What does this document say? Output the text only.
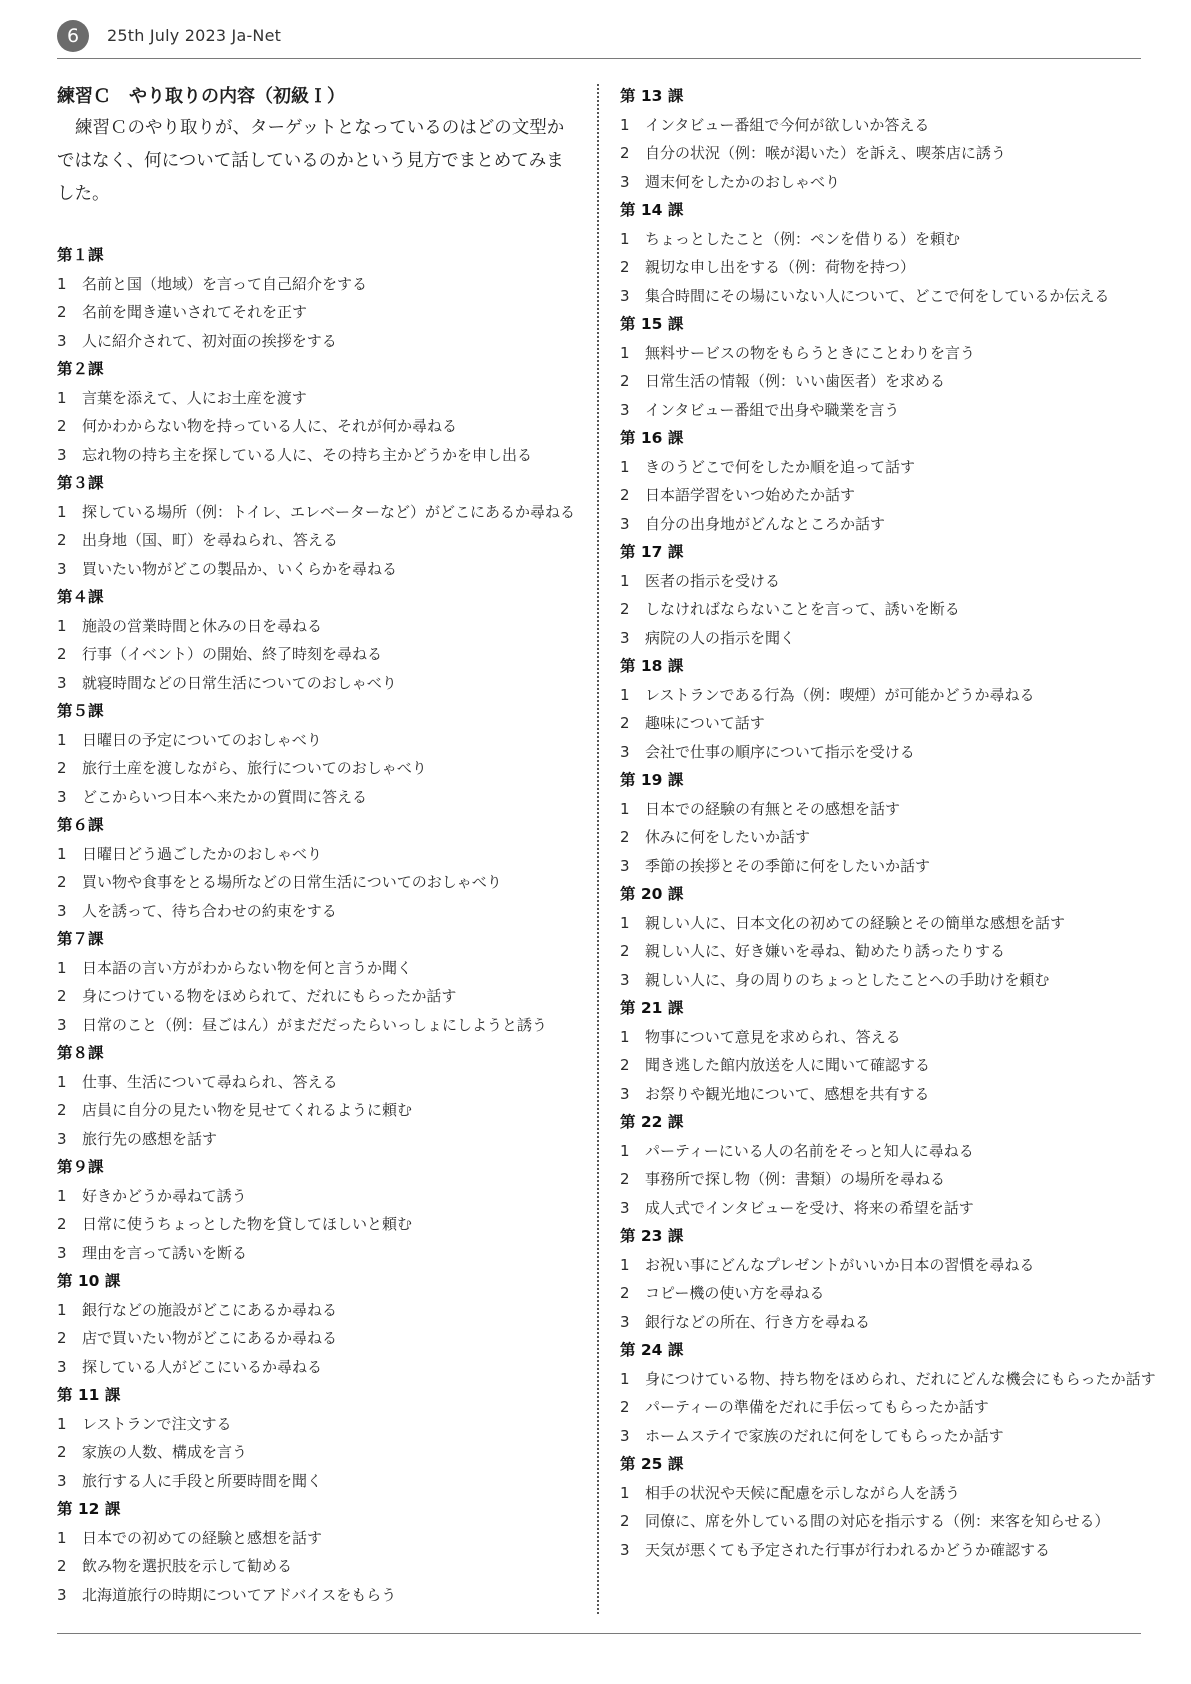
6	25th July 2023 Ja-Net
練習Ｃ　やり取りの内容（初級Ｉ）

練習Ｃのやり取りが、ターゲットとなっているのはどの文型かではなく、何について話しているのかという見方でまとめてみました。

第１課
1 名前と国（地域）を言って自己紹介をする
2 名前を聞き違いされてそれを正す
3 人に紹介されて、初対面の挨拶をする
第２課
1 言葉を添えて、人にお土産を渡す
2 何かわからない物を持っている人に、それが何か尋ねる
3 忘れ物の持ち主を探している人に、その持ち主かどうかを申し出る
第３課
1 探している場所（例：トイレ、エレベーターなど）がどこにあるか尋ねる
2 出身地（国、町）を尋ねられ、答える
3 買いたい物がどこの製品か、いくらかを尋ねる
第４課
1 施設の営業時間と休みの日を尋ねる
2 行事（イベント）の開始、終了時刻を尋ねる
3 就寝時間などの日常生活についてのおしゃべり
第５課
1 日曜日の予定についてのおしゃべり
2 旅行土産を渡しながら、旅行についてのおしゃべり
3 どこからいつ日本へ来たかの質問に答える
第６課
1 日曜日どう過ごしたかのおしゃべり
2 買い物や食事をとる場所などの日常生活についてのおしゃべり
3 人を誘って、待ち合わせの約束をする
第７課
1 日本語の言い方がわからない物を何と言うか聞く
2 身につけている物をほめられて、だれにもらったか話す
3 日常のこと（例：昼ごはん）がまだだったらいっしょにしようと誘う
第８課
1 仕事、生活について尋ねられ、答える
2 店員に自分の見たい物を見せてくれるように頼む
3 旅行先の感想を話す
第９課
1 好きかどうか尋ねて誘う
2 日常に使うちょっとした物を貸してほしいと頼む
3 理由を言って誘いを断る
第 10 課
1 銀行などの施設がどこにあるか尋ねる
2 店で買いたい物がどこにあるか尋ねる
3 探している人がどこにいるか尋ねる
第 11 課
1 レストランで注文する
2 家族の人数、構成を言う
3 旅行する人に手段と所要時間を聞く
第 12 課
1 日本での初めての経験と感想を話す
2 飲み物を選択肢を示して勧める
3 北海道旅行の時期についてアドバイスをもらう
第 13 課
1 インタビュー番組で今何が欲しいか答える
2 自分の状況（例：喉が渇いた）を訴え、喫茶店に誘う
3 週末何をしたかのおしゃべり
第 14 課
1 ちょっとしたこと（例：ペンを借りる）を頼む
2 親切な申し出をする（例：荷物を持つ）
3 集合時間にその場にいない人について、どこで何をしているか伝える
第 15 課
1 無料サービスの物をもらうときにことわりを言う
2 日常生活の情報（例：いい歯医者）を求める
3 インタビュー番組で出身や職業を言う
第 16 課
1 きのうどこで何をしたか順を追って話す
2 日本語学習をいつ始めたか話す
3 自分の出身地がどんなところか話す
第 17 課
1 医者の指示を受ける
2 しなければならないことを言って、誘いを断る
3 病院の人の指示を聞く
第 18 課
1 レストランである行為（例：喫煙）が可能かどうか尋ねる
2 趣味について話す
3 会社で仕事の順序について指示を受ける
第 19 課
1 日本での経験の有無とその感想を話す
2 休みに何をしたいか話す
3 季節の挨拶とその季節に何をしたいか話す
第 20 課
1 親しい人に、日本文化の初めての経験とその簡単な感想を話す
2 親しい人に、好き嫌いを尋ね、勧めたり誘ったりする
3 親しい人に、身の周りのちょっとしたことへの手助けを頼む
第 21 課
1 物事について意見を求められ、答える
2 聞き逃した館内放送を人に聞いて確認する
3 お祭りや観光地について、感想を共有する
第 22 課
1 パーティーにいる人の名前をそっと知人に尋ねる
2 事務所で探し物（例：書類）の場所を尋ねる
3 成人式でインタビューを受け、将来の希望を話す
第 23 課
1 お祝い事にどんなプレゼントがいいか日本の習慣を尋ねる
2 コピー機の使い方を尋ねる
3 銀行などの所在、行き方を尋ねる
第 24 課
1 身につけている物、持ち物をほめられ、だれにどんな機会にもらったか話す
2 パーティーの準備をだれに手伝ってもらったか話す
3 ホームステイで家族のだれに何をしてもらったか話す
第 25 課
1 相手の状況や天候に配慮を示しながら人を誘う
2 同僚に、席を外している間の対応を指示する（例：来客を知らせる）
3 天気が悪くても予定された行事が行われるかどうか確認する
